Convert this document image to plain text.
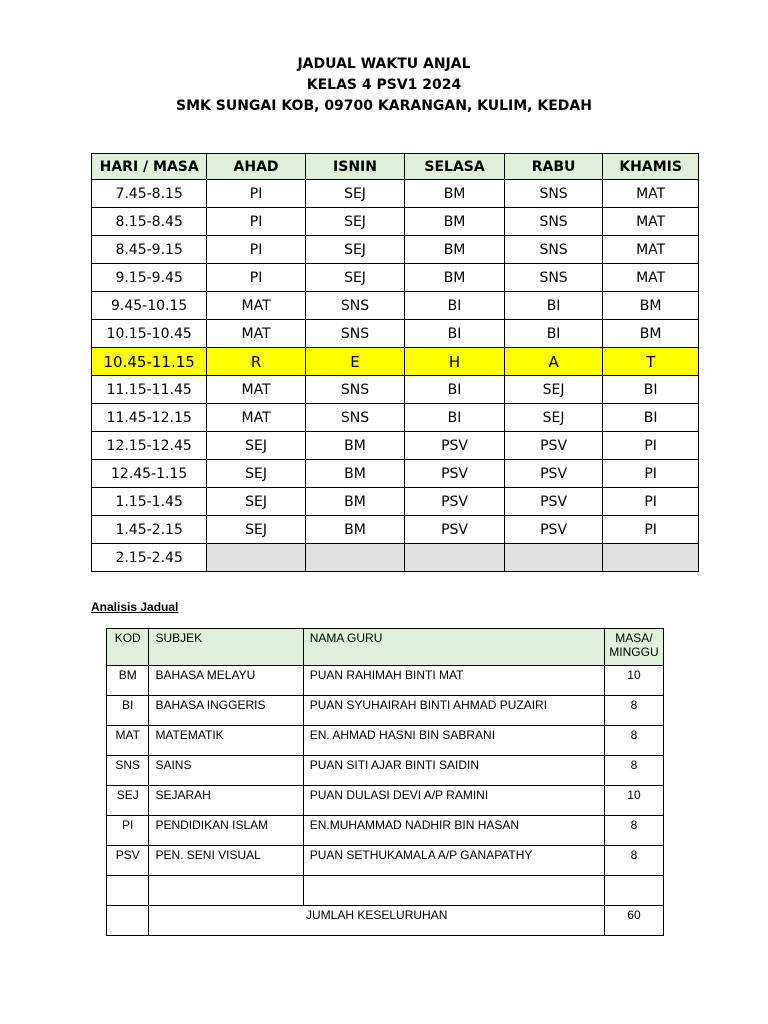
JADUAL WAKTU ANJAL

KELAS 4 PSV1 2024

SMK SUNGAI KOB, 09700 KARANGAN, KULIM, KEDAH

HARI / MASA	AHAD	ISNIN	SELASA	RABU	KHAMIS
7.45-8.15	PI	SEJ	BM	SNS	MAT
8.15-8.45	PI	SEJ	BM	SNS	MAT
8.45-9.15	PI	SEJ	BM	SNS	MAT
9.15-9.45	PI	SEJ	BM	SNS	MAT
9.45-10.15	MAT	SNS	BI	BI	BM
10.15-10.45	MAT	SNS	BI	BI	BM
10.45-11.15	R	E	H	A	T
11.15-11.45	MAT	SNS	BI	SEJ	BI
11.45-12.15	MAT	SNS	BI	SEJ	BI
12.15-12.45	SEJ	BM	PSV	PSV	PI
12.45-1.15	SEJ	BM	PSV	PSV	PI
1.15-1.45	SEJ	BM	PSV	PSV	PI
1.45-2.15	SEJ	BM	PSV	PSV	PI
2.15-2.45					
Analisis Jadual
KOD	SUBJEK	NAMA GURU	MASA/ MINGGU
BM	BAHASA MELAYU	PUAN RAHIMAH BINTI MAT	10
BI	BAHASA INGGERIS	PUAN SYUHAIRAH BINTI AHMAD PUZAIRI	8
MAT	MATEMATIK	EN. AHMAD HASNI BIN SABRANI	8
SNS	SAINS	PUAN SITI AJAR BINTI SAIDIN	8
SEJ	SEJARAH	PUAN DULASI DEVI A/P RAMINI	10
PI	PENDIDIKAN ISLAM	EN.MUHAMMAD NADHIR BIN HASAN	8
PSV	PEN. SENI VISUAL	PUAN SETHUKAMALA A/P GANAPATHY	8

	JUMLAH KESELURUHAN		60
